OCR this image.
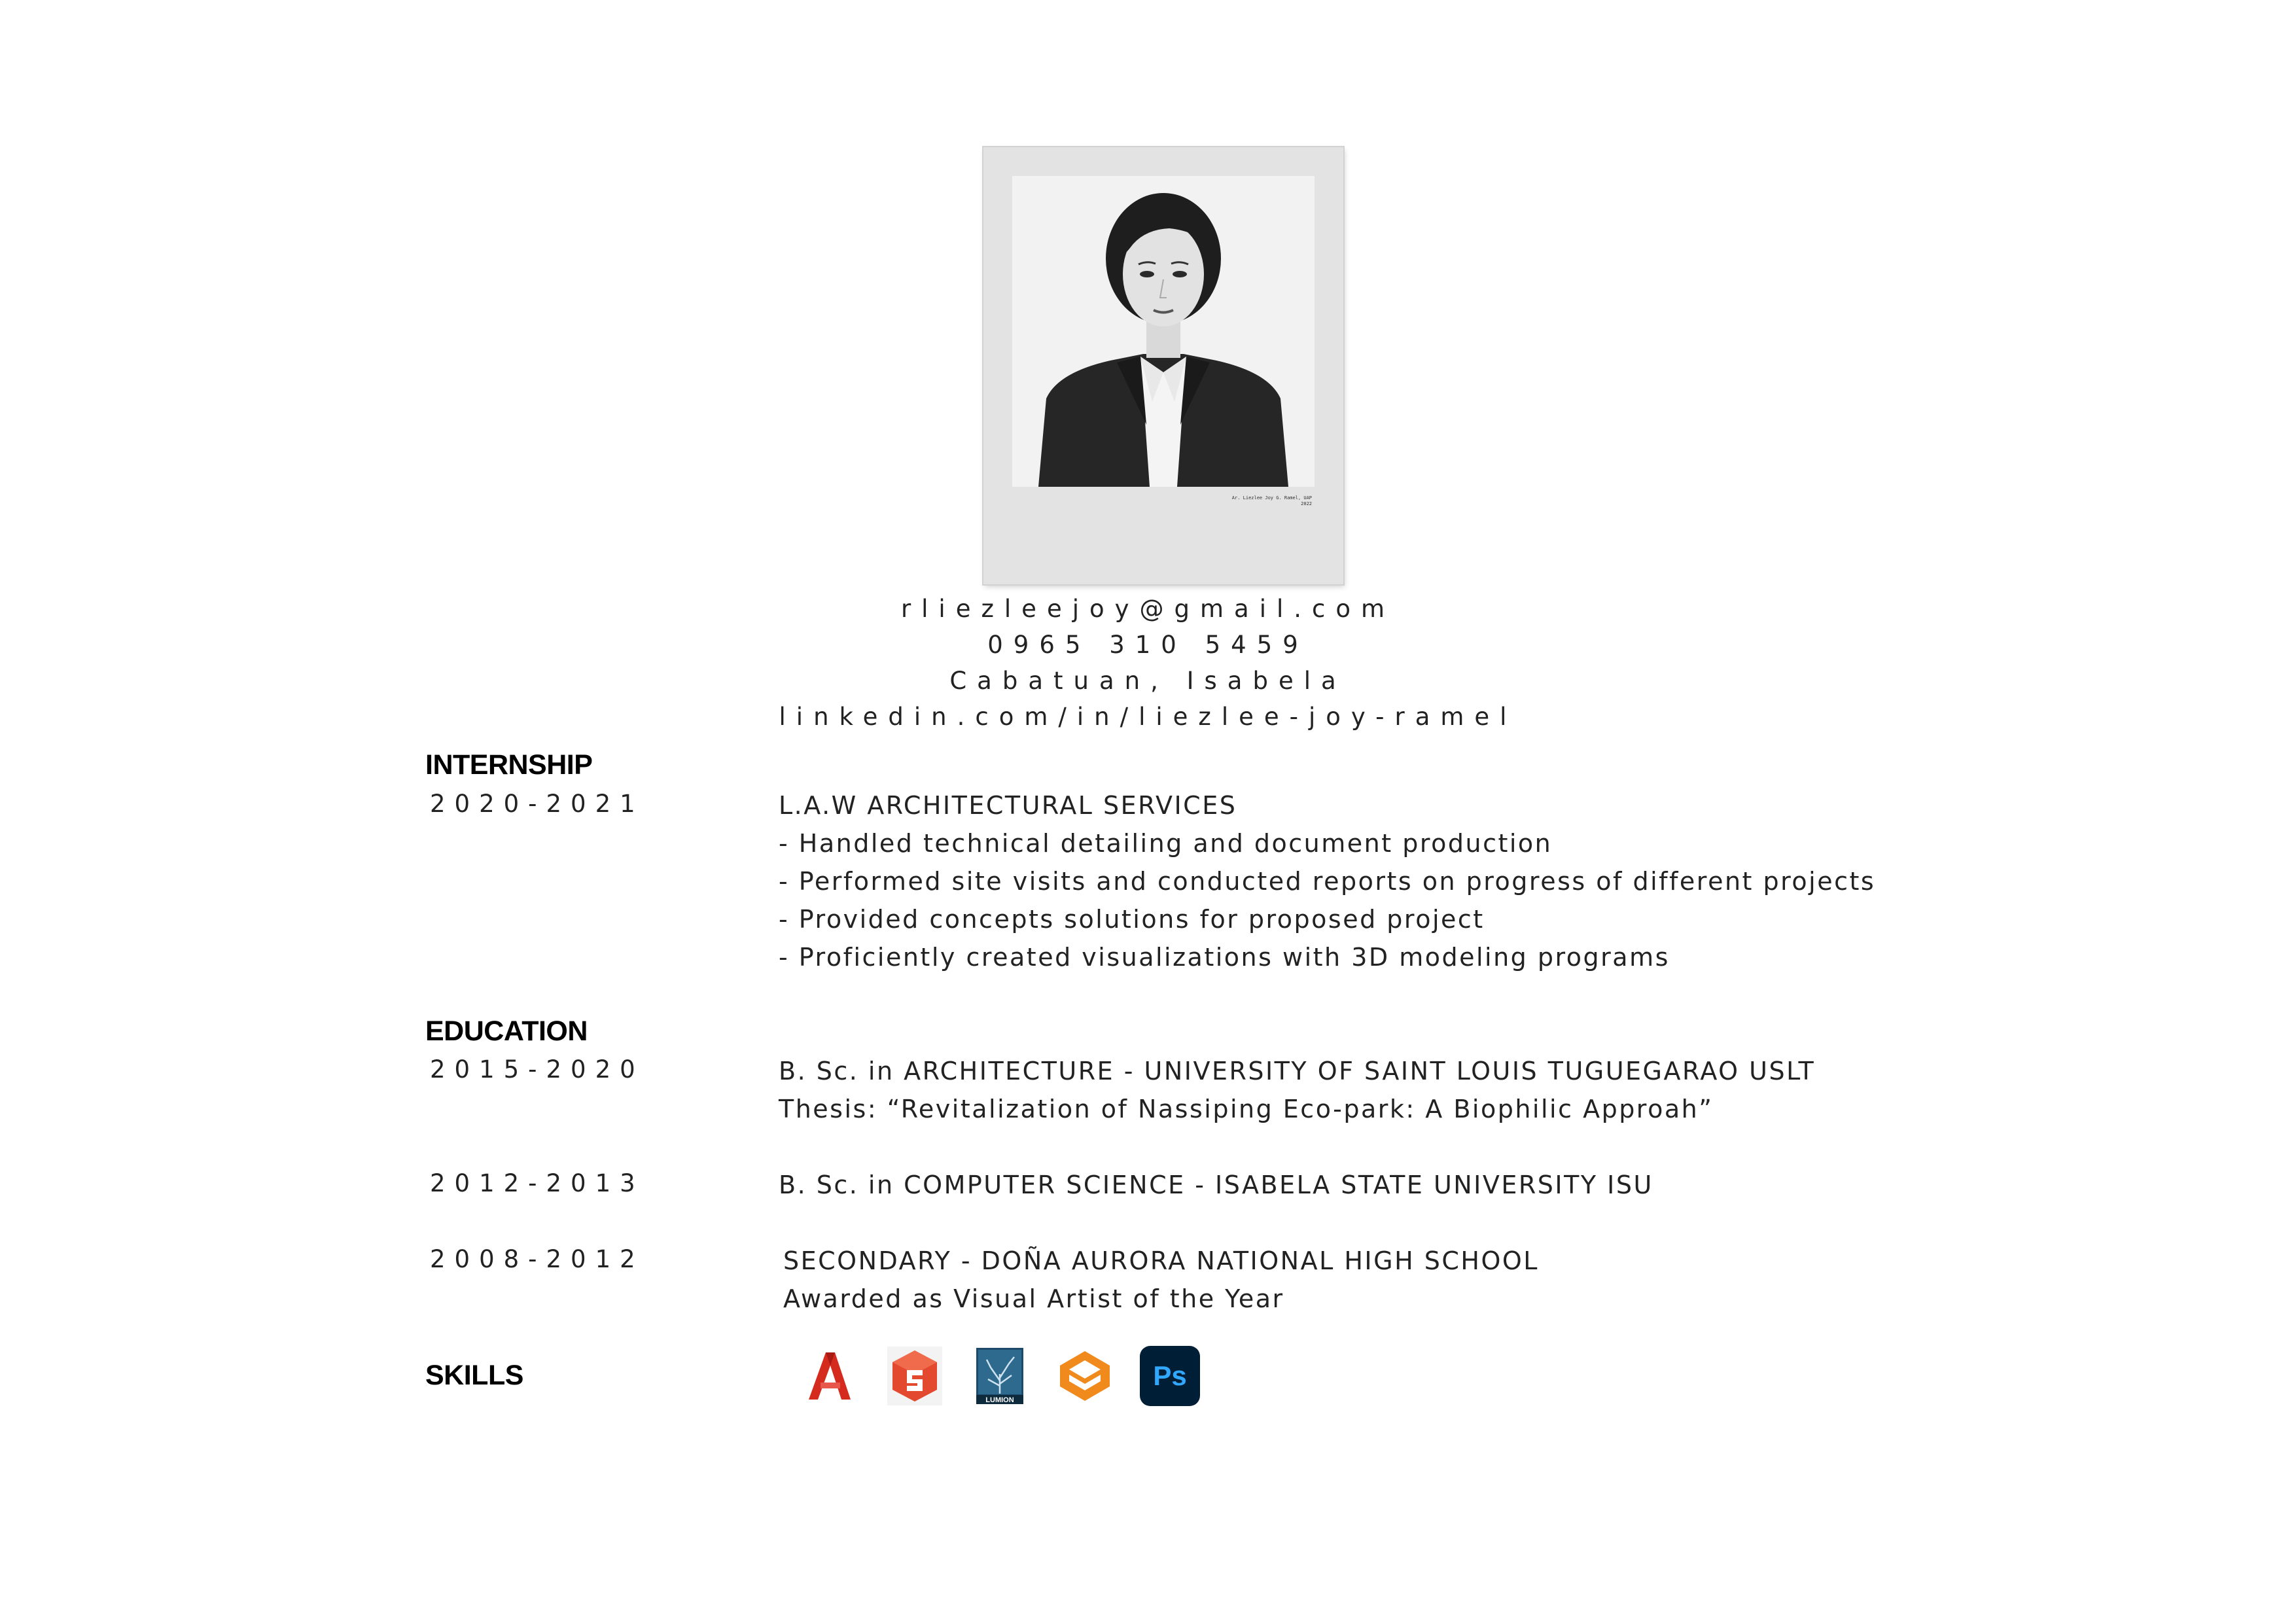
Ar. Liezlee Joy G. Ramel, UAP
2022
rliezleejoy@gmail.com
0965 310 5459
Cabatuan, Isabela
linkedin.com/in/liezlee-joy-ramel
INTERNSHIP
2020-2021	L.A.W ARCHITECTURAL SERVICES
- Handled technical detailing and document production
- Performed site visits and conducted reports on progress of different projects
- Provided concepts solutions for proposed project
- Proficiently created visualizations with 3D modeling programs
EDUCATION
2015-2020	B. Sc. in ARCHITECTURE - UNIVERSITY OF SAINT LOUIS TUGUEGARAO USLT
Thesis: “Revitalization of Nassiping Eco-park: A Biophilic Approah”
2012-2013	B. Sc. in COMPUTER SCIENCE - ISABELA STATE UNIVERSITY ISU
2008-2012	SECONDARY - DOÑA AURORA NATIONAL HIGH SCHOOL
Awarded as Visual Artist of the Year
SKILLS
LUMION
Ps
